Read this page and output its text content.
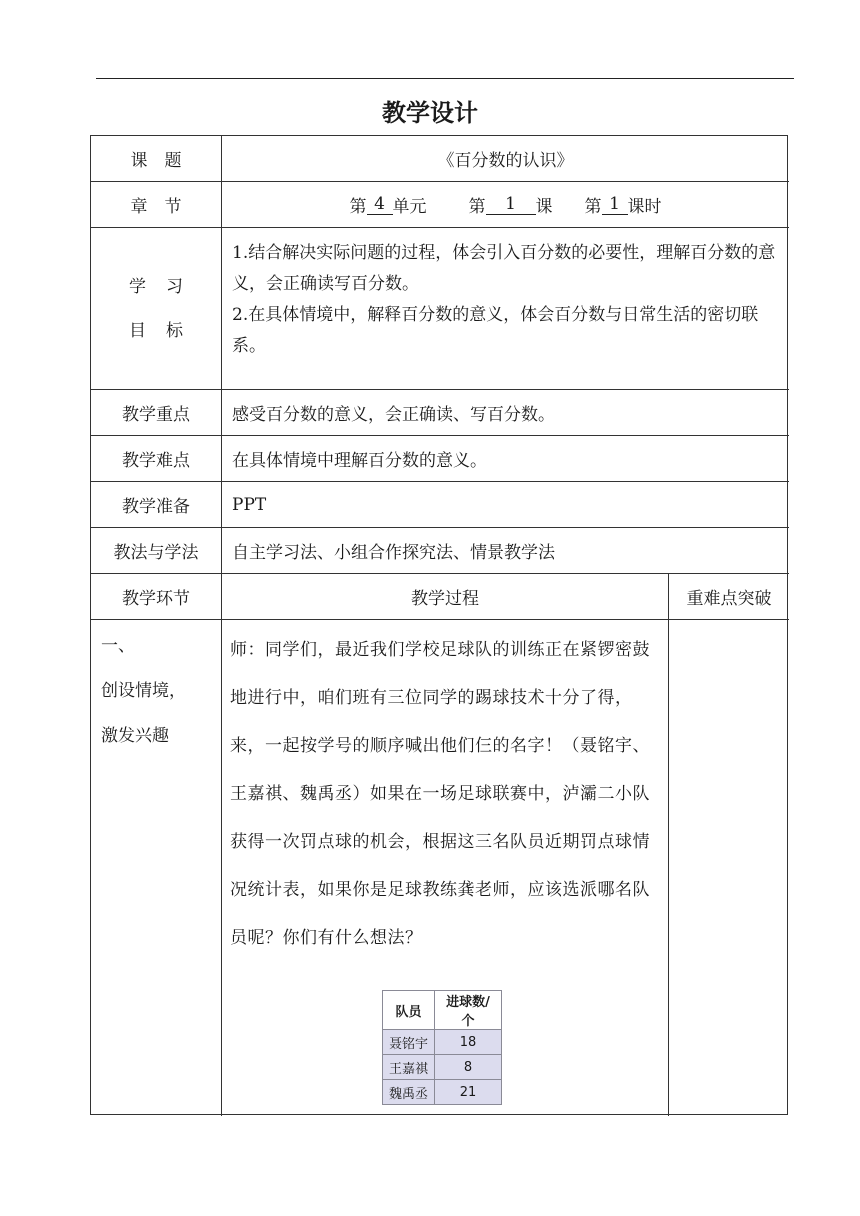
教学设计
课　题	《百分数的认识》
章　节	第 4 单元 第	1	课 第 1 课时
学习
目标
1.结合解决实际问题的过程，体会引入百分数的必要性，理解百分数的意义，会正确读写百分数。
2.在具体情境中，解释百分数的意义，体会百分数与日常生活的密切联系。
教学重点	感受百分数的意义，会正确读、写百分数。
教学难点	在具体情境中理解百分数的意义。
教学准备	PPT
教法与学法	自主学习法、小组合作探究法、情景教学法
教学环节	教学过程	重难点突破
一、
创设情境，
激发兴趣
师：同学们，最近我们学校足球队的训练正在紧锣密鼓地进行中，咱们班有三位同学的踢球技术十分了得，来，一起按学号的顺序喊出他们仨的名字！（聂铭宇、王嘉祺、魏禹丞）如果在一场足球联赛中，泸灞二小队获得一次罚点球的机会，根据这三名队员近期罚点球情况统计表，如果你是足球教练龚老师，应该选派哪名队员呢？你们有什么想法？
队员	进球数/个
聂铭宇	18
王嘉祺	8
魏禹丞	21
